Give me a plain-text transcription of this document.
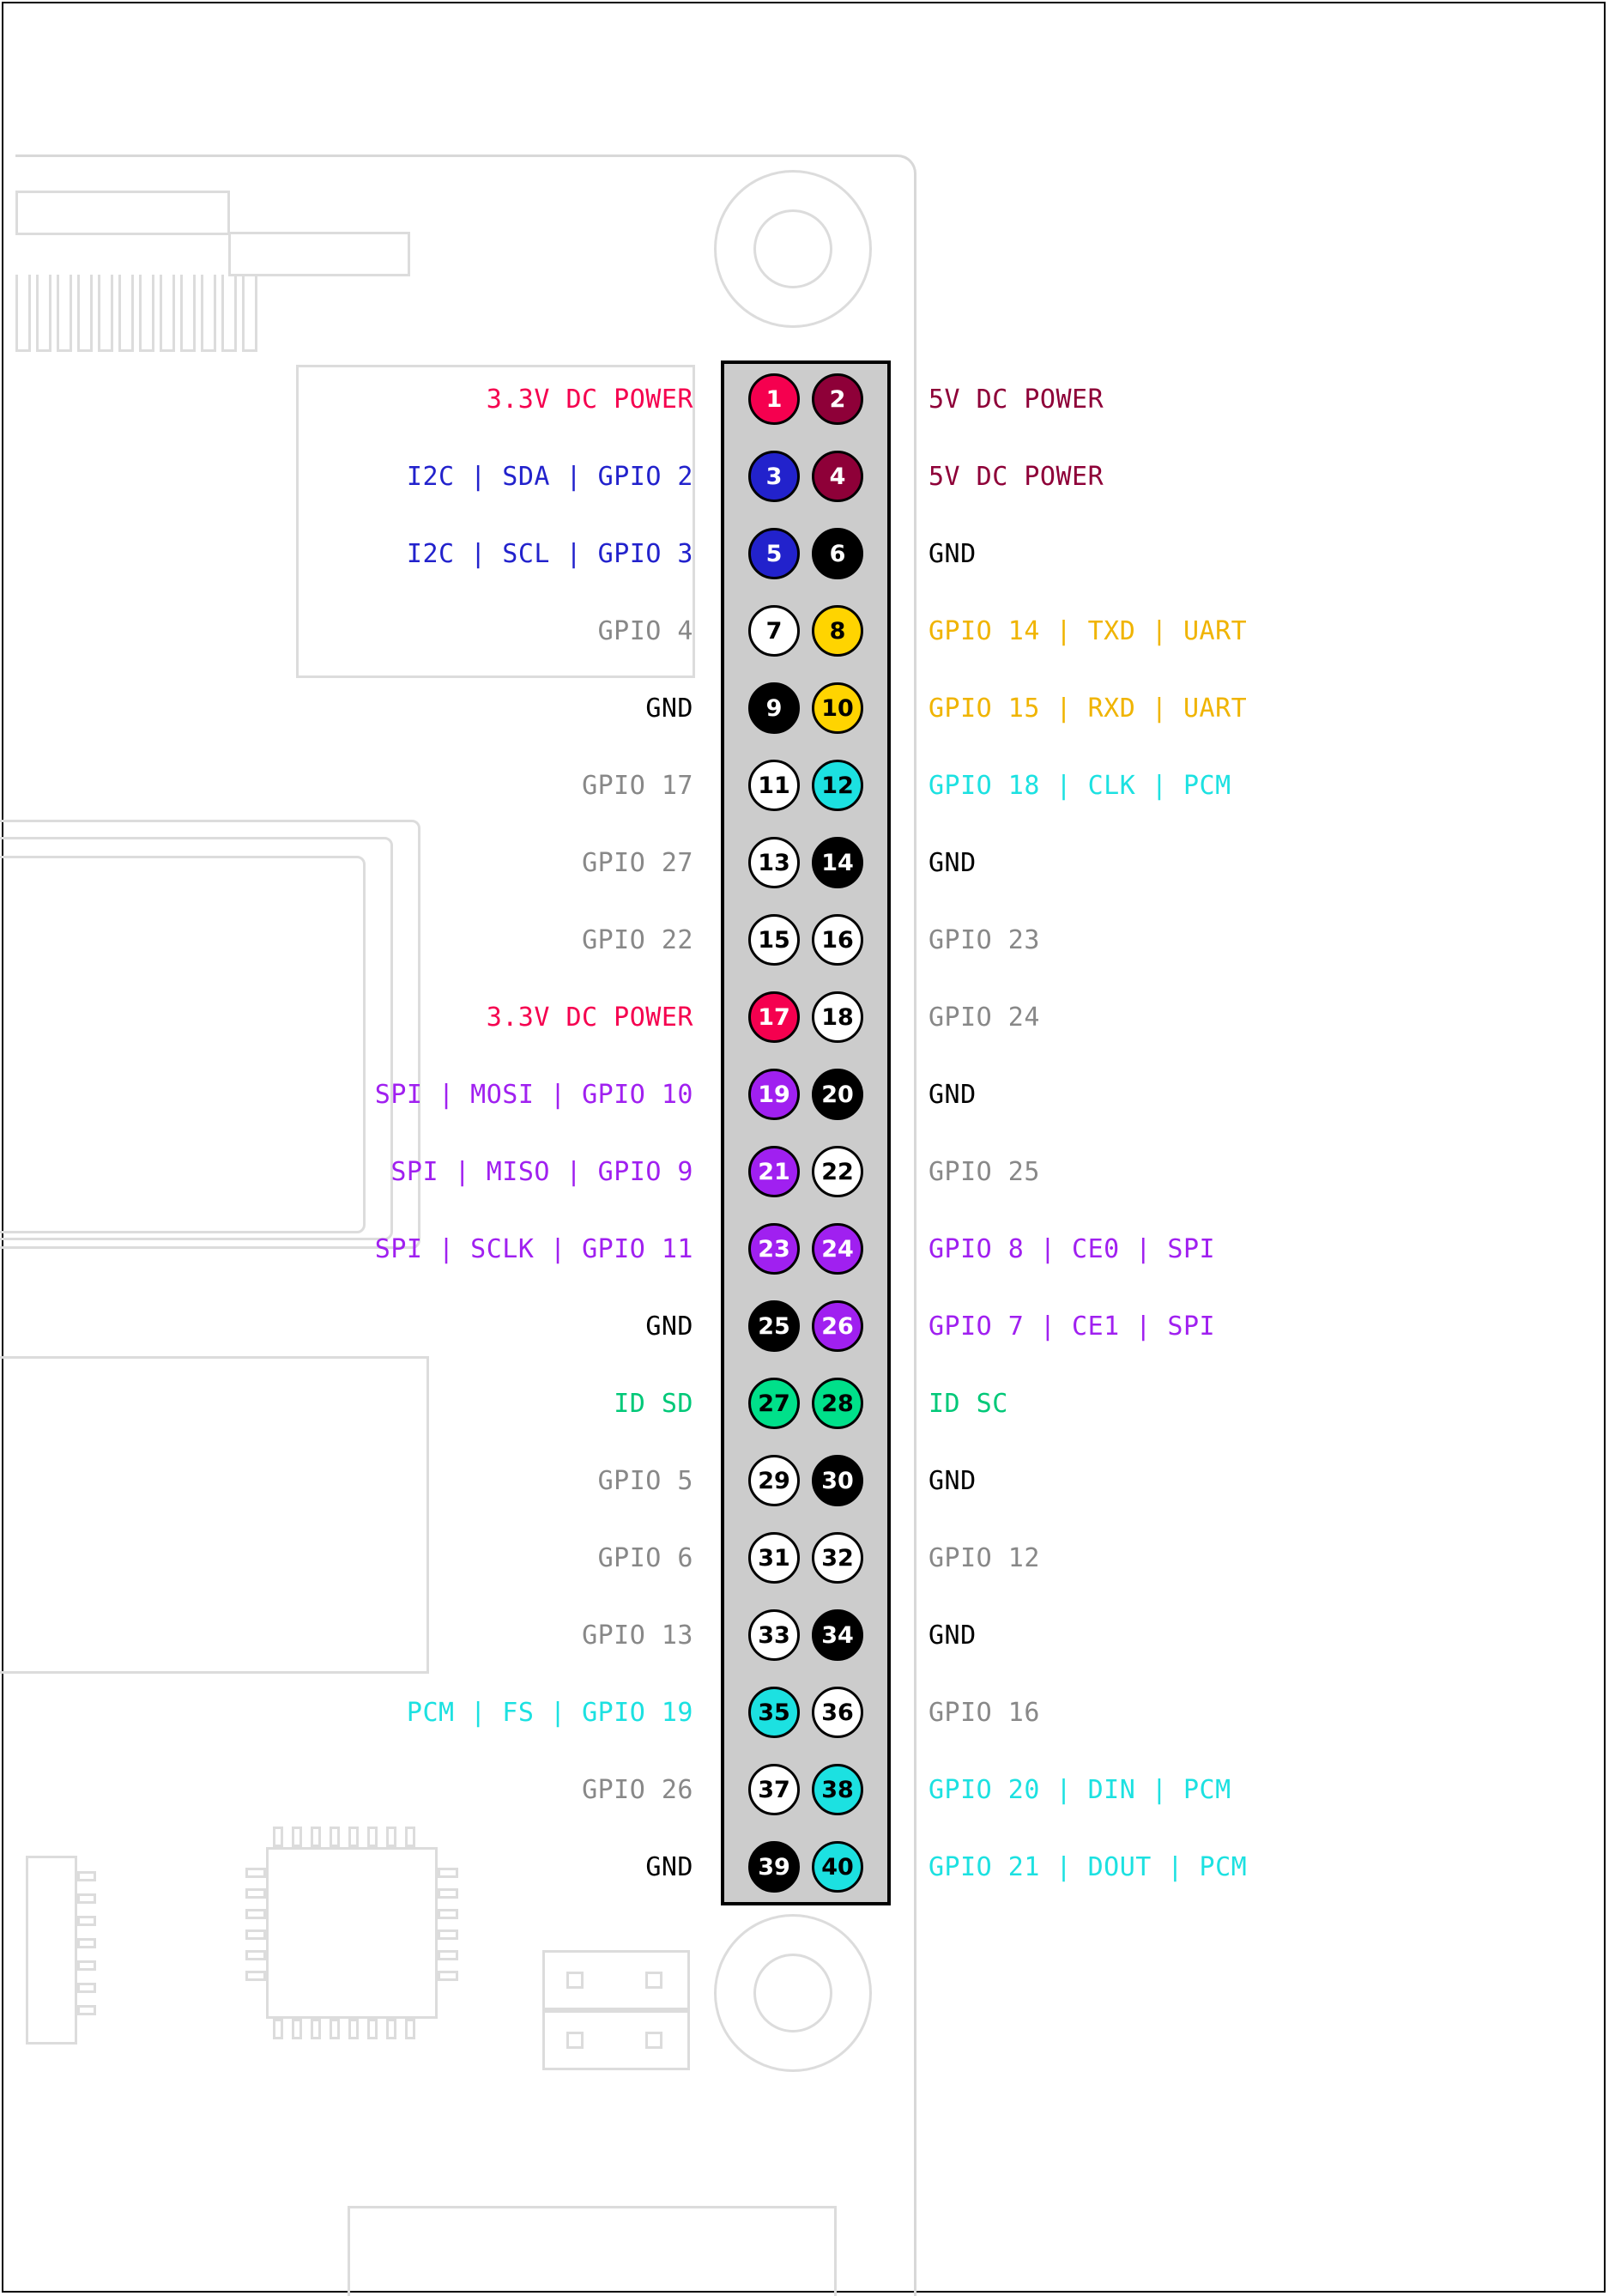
3.3V DC POWER	1	2	5V DC POWER
I2C | SDA | GPIO 2	3	4	5V DC POWER
I2C | SCL | GPIO 3	5	6	GND
GPIO 4	7	8	GPIO 14 | TXD | UART
GND	9	10	GPIO 15 | RXD | UART
GPIO 17	11	12	GPIO 18 | CLK | PCM
GPIO 27	13	14	GND
GPIO 22	15	16	GPIO 23
3.3V DC POWER	17	18	GPIO 24
SPI | MOSI | GPIO 10	19	20	GND
SPI | MISO | GPIO 9	21	22	GPIO 25
SPI | SCLK | GPIO 11	23	24	GPIO 8 | CE0 | SPI
GND	25	26	GPIO 7 | CE1 | SPI
ID SD	27	28	ID SC
GPIO 5	29	30	GND
GPIO 6	31	32	GPIO 12
GPIO 13	33	34	GND
PCM | FS | GPIO 19	35	36	GPIO 16
GPIO 26	37	38	GPIO 20 | DIN | PCM
GND	39	40	GPIO 21 | DOUT | PCM
